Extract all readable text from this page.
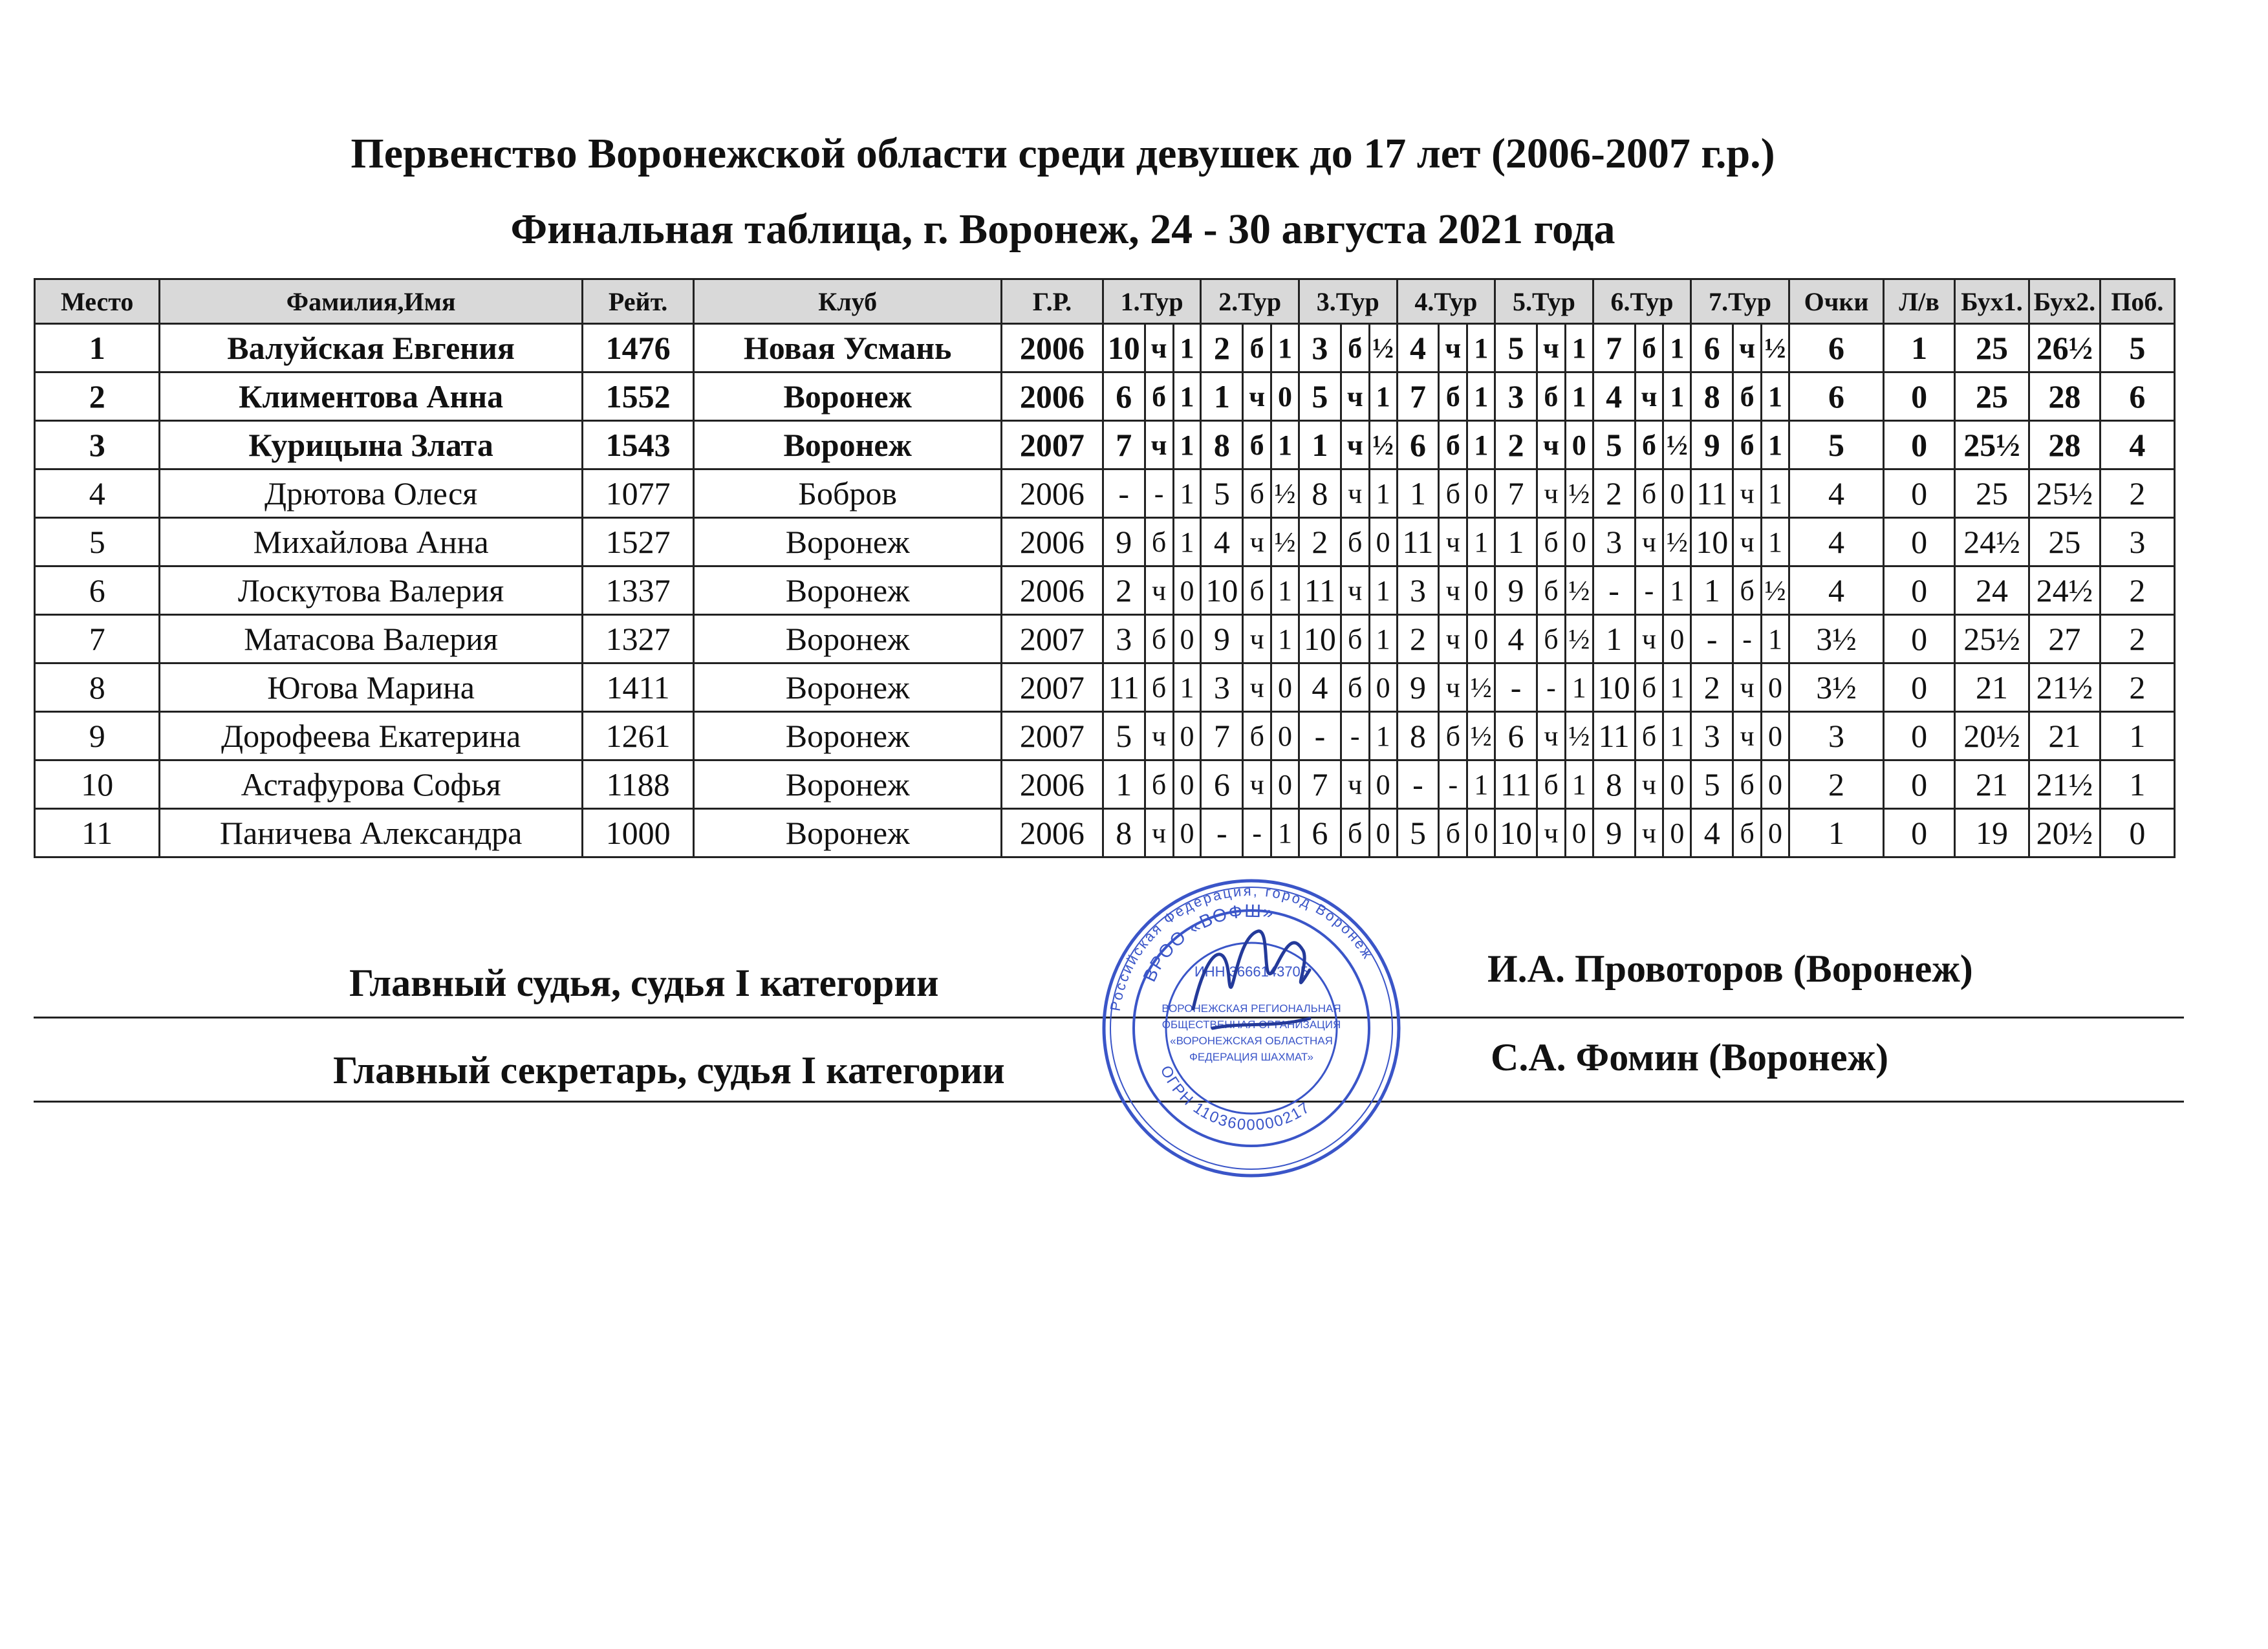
Первенство Воронежской области среди девушек до 17 лет (2006-2007 г.р.)
Финальная таблица, г. Воронеж, 24 - 30 августа 2021 года
Место	Фамилия,Имя	Рейт.	Клуб	Г.Р.	1.Тур			2.Тур			3.Тур			4.Тур			5.Тур			6.Тур			7.Тур			Очки	Л/в	Бух1.	Бух2.	Поб.
1	Валуйская Евгения	1476	Новая Усмань	2006	10	ч	1	2	б	1	3	б	½	4	ч	1	5	ч	1	7	б	1	6	ч	½	6	1	25	26½	5
2	Климентова Анна	1552	Воронеж	2006	6	б	1	1	ч	0	5	ч	1	7	б	1	3	б	1	4	ч	1	8	б	1	6	0	25	28	6
3	Курицына Злата	1543	Воронеж	2007	7	ч	1	8	б	1	1	ч	½	6	б	1	2	ч	0	5	б	½	9	б	1	5	0	25½	28	4
4	Дрютова Олеся	1077	Бобров	2006	-	-	1	5	б	½	8	ч	1	1	б	0	7	ч	½	2	б	0	11	ч	1	4	0	25	25½	2
5	Михайлова Анна	1527	Воронеж	2006	9	б	1	4	ч	½	2	б	0	11	ч	1	1	б	0	3	ч	½	10	ч	1	4	0	24½	25	3
6	Лоскутова Валерия	1337	Воронеж	2006	2	ч	0	10	б	1	11	ч	1	3	ч	0	9	б	½	-	-	1	1	б	½	4	0	24	24½	2
7	Матасова Валерия	1327	Воронеж	2007	3	б	0	9	ч	1	10	б	1	2	ч	0	4	б	½	1	ч	0	-	-	1	3½	0	25½	27	2
8	Югова Марина	1411	Воронеж	2007	11	б	1	3	ч	0	4	б	0	9	ч	½	-	-	1	10	б	1	2	ч	0	3½	0	21	21½	2
9	Дорофеева Екатерина	1261	Воронеж	2007	5	ч	0	7	б	0	-	-	1	8	б	½	6	ч	½	11	б	1	3	ч	0	3	0	20½	21	1
10	Астафурова Софья	1188	Воронеж	2006	1	б	0	6	ч	0	7	ч	0	-	-	1	11	б	1	8	ч	0	5	б	0	2	0	21	21½	1
11	Паничева Александра	1000	Воронеж	2006	8	ч	0	-	-	1	6	б	0	5	б	0	10	ч	0	9	ч	0	4	б	0	1	0	19	20½	0
Главный судья, судья I категории	И.А. Провоторов (Воронеж)
Главный секретарь, судья I категории	С.А. Фомин (Воронеж)
Российская Федерация, город Воронеж
ВРОО «ВОФШ»
ОГРН 1103600000217
ИНН 3666143705
ВОРОНЕЖСКАЯ РЕГИОНАЛЬНАЯ
ОБЩЕСТВЕННАЯ ОРГАНИЗАЦИЯ
«ВОРОНЕЖСКАЯ ОБЛАСТНАЯ
ФЕДЕРАЦИЯ ШАХМАТ»
